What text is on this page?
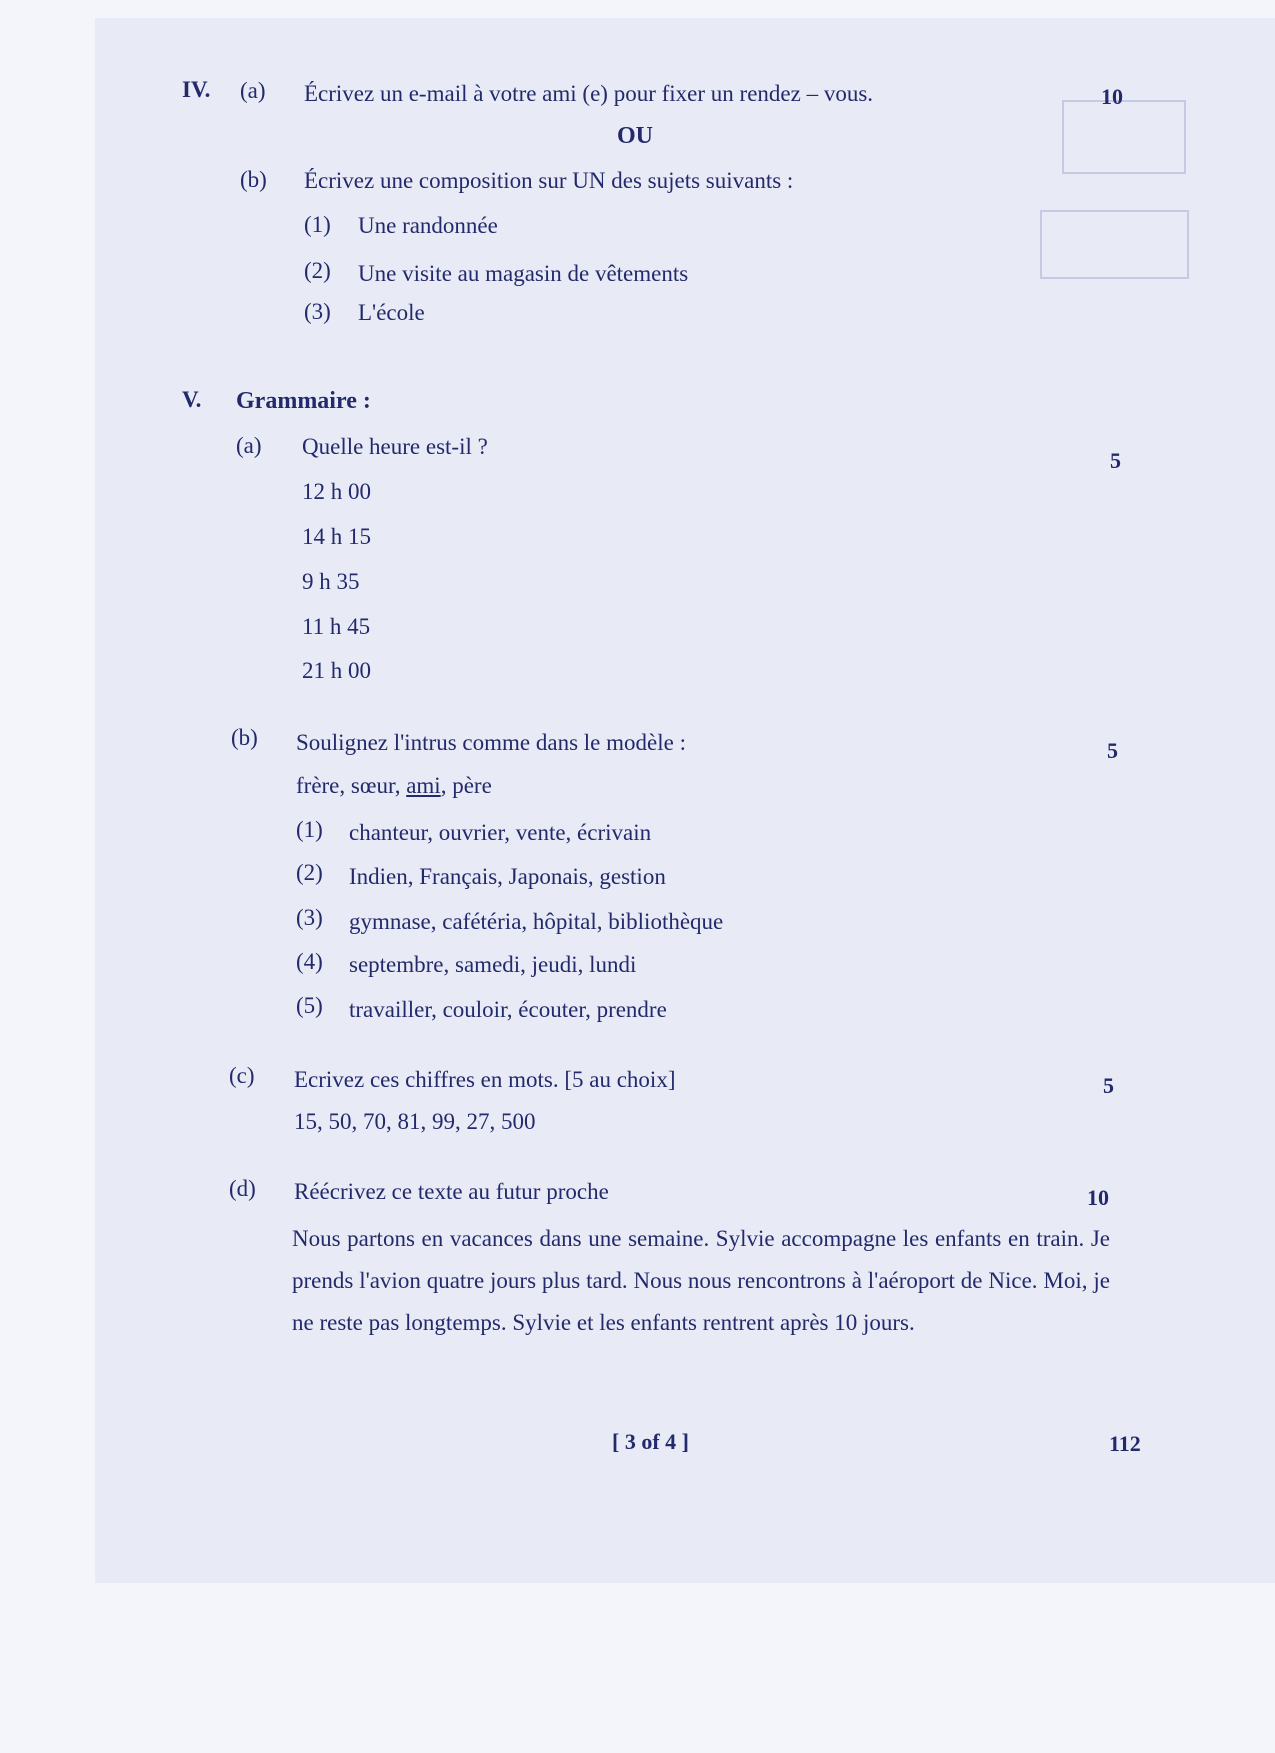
IV. (a) Écrivez un e-mail à votre ami (e) pour fixer un rendez – vous.	10
OU
(b) Écrivez une composition sur UN des sujets suivants :
(1) Une randonnée
(2) Une visite au magasin de vêtements
(3) L'école
V. Grammaire :
(a) Quelle heure est-il ?
5
12 h 00
14 h 15
9 h 35
11 h 45
21 h 00
(b) Soulignez l'intrus comme dans le modèle :	5
frère, sœur, ami, père
(1) chanteur, ouvrier, vente, écrivain
(2) Indien, Français, Japonais, gestion
(3) gymnase, cafétéria, hôpital, bibliothèque
(4) septembre, samedi, jeudi, lundi
(5) travailler, couloir, écouter, prendre
(c) Ecrivez ces chiffres en mots. [5 au choix]	5
15, 50, 70, 81, 99, 27, 500
(d) Réécrivez ce texte au futur proche	10
Nous partons en vacances dans une semaine. Sylvie accompagne les enfants en train. Je prends l'avion quatre jours plus tard. Nous nous rencontrons à l'aéroport de Nice. Moi, je ne reste pas longtemps. Sylvie et les enfants rentrent après 10 jours.
[ 3 of 4 ]	112
